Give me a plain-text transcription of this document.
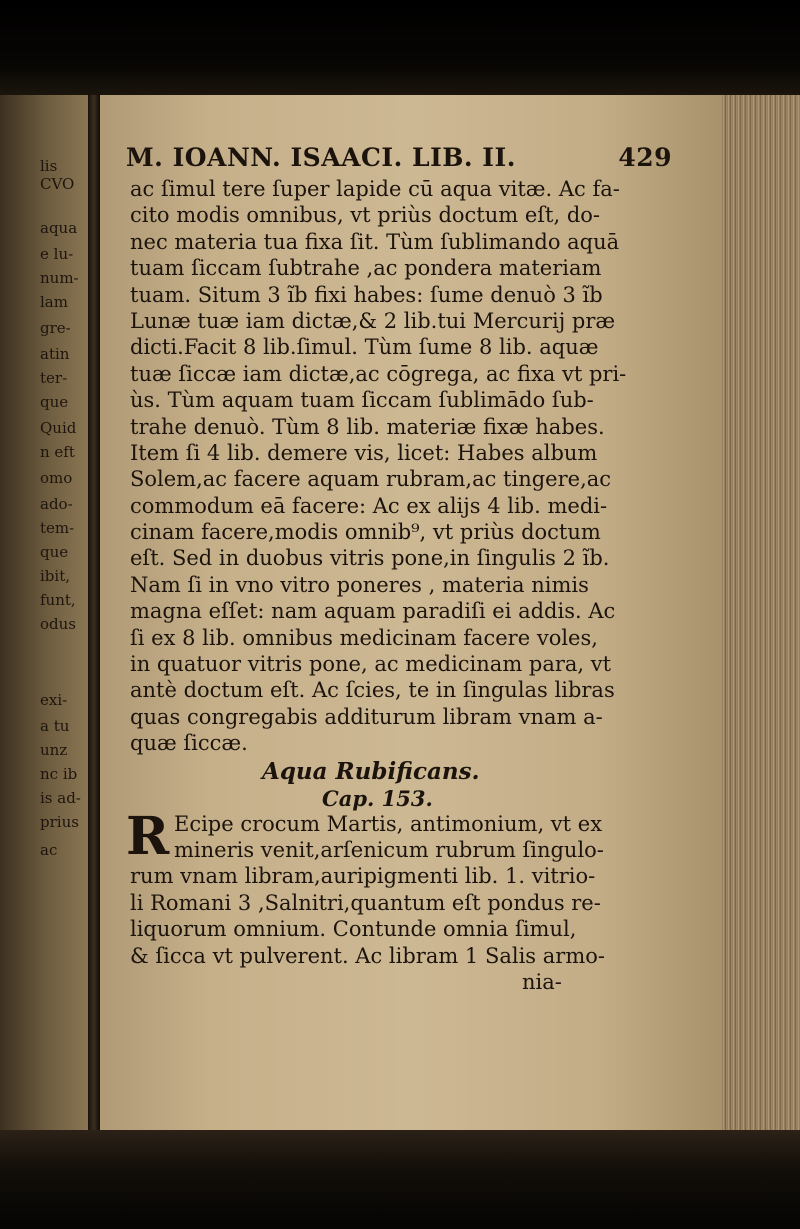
lis
CVO
aqua
e lu-
num-
lam
gre-
atin
ter-
que
Quid
n eft
omo
ado-
tem-
que
ibit,
funt,
odus
exi-
a tu
unz
nc ib
is ad-
prius
ac
M. IOANN. ISAACI. LIB. II.	429
ac ſimul tere ſuper lapide cū aqua vitæ. Ac fa-
cito modis omnibus, vt priùs doctum eſt, do-
nec materia tua fixa ſit. Tùm ſublimando aquā
tuam ſiccam ſubtrahe ,ac pondera materiam
tuam. Situm 3 ĩb fixi habes: ſume denuò 3 ĩb
Lunæ tuæ iam dictæ,& 2 lib.tui Mercurij præ
dicti.Facit 8 lib.ſimul. Tùm ſume 8 lib. aquæ
tuæ ſiccæ iam dictæ,ac cōgrega, ac fixa vt pri-
ùs. Tùm aquam tuam ſiccam ſublimādo ſub-
trahe denuò. Tùm 8 lib. materiæ fixæ habes.
Item ſi 4 lib. demere vis, licet: Habes album
Solem,ac facere aquam rubram,ac tingere,ac
commodum eā facere: Ac ex alijs 4 lib. medi-
cinam facere,modis omnib⁹, vt priùs doctum
eſt. Sed in duobus vitris pone,in ſingulis 2 ĩb.
Nam ſi in vno vitro poneres , materia nimis
magna eſſet: nam aquam paradiſi ei addis. Ac
ſi ex 8 lib. omnibus medicinam facere voles,
in quatuor vitris pone, ac medicinam para, vt
antè doctum eſt. Ac ſcies, te in ſingulas libras
quas congregabis additurum libram vnam a-
quæ ſiccæ.
Aqua Rubificans.
Cap. 153.
R Ecipe crocum Martis, antimonium, vt ex
mineris venit,arſenicum rubrum ſingulo-
rum vnam libram,auripigmenti lib. 1. vitrio-
li Romani 3 ,Salnitri,quantum eſt pondus re-
liquorum omnium. Contunde omnia ſimul,
& ſicca vt pulverent. Ac libram 1 Salis armo-
nia-
